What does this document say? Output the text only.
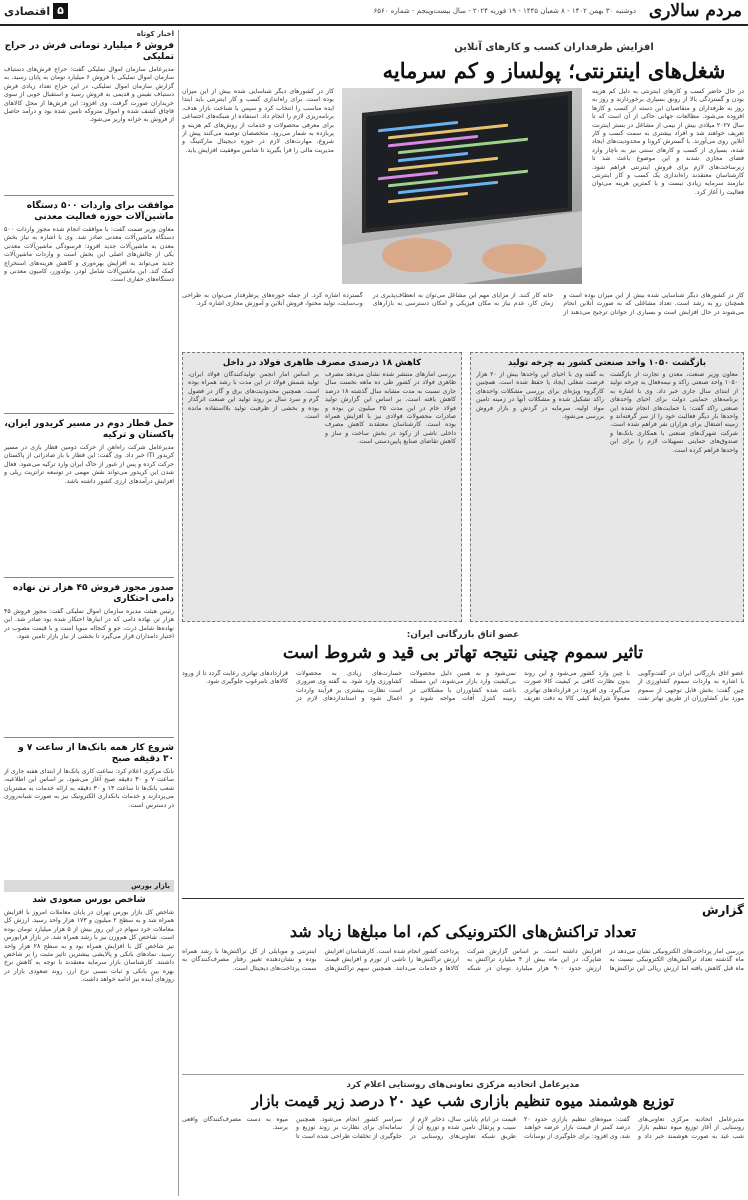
مردم سالاری
دوشنبه ۳۰ بهمن ۱۴۰۲ - ۸ شعبان ۱۴۴۵ - ۱۹ فوریه ۲۰۲۴ - سال بیست‌وپنجم - شماره ۶۵۶۰
۵
اقتصادی
اخبار کوتاه
فروش ۶ میلیارد تومانی فرش در حراج تملیکی
مدیرعامل سازمان اموال تملیکی گفت: حراج فرش‌های دستباف سازمان اموال تملیکی با فروش ۶ میلیارد تومان به پایان رسید. به گزارش سازمان اموال تملیکی، در این حراج تعداد زیادی فرش دستباف نفیس و قدیمی به فروش رسید و استقبال خوبی از سوی خریداران صورت گرفت. وی افزود: این فرش‌ها از محل کالاهای قاچاق کشف شده و اموال متروکه تامین شده بود و درآمد حاصل از فروش به خزانه واریز می‌شود.
موافقت برای واردات ۵۰۰ دستگاه ماشین‌آلات حوزه فعالیت معدنی
معاون وزیر صمت گفت: با موافقت انجام شده مجوز واردات ۵۰۰ دستگاه ماشین‌آلات معدنی صادر شد. وی با اشاره به نیاز بخش معدن به ماشین‌آلات جدید افزود: فرسودگی ماشین‌آلات معدنی یکی از چالش‌های اصلی این بخش است و واردات ماشین‌آلات جدید می‌تواند به افزایش بهره‌وری و کاهش هزینه‌های استخراج کمک کند. این ماشین‌آلات شامل لودر، بولدوزر، کامیون معدنی و دستگاه‌های حفاری است.
حمل قطار دوم در مسیر کریدور ایران، پاکستان و ترکیه
مدیرعامل شرکت راه‌آهن از حرکت دومین قطار باری در مسیر کریدور ITI خبر داد. وی گفت: این قطار با بار صادراتی از پاکستان حرکت کرده و پس از عبور از خاک ایران وارد ترکیه می‌شود. فعال شدن این کریدور می‌تواند نقش مهمی در توسعه ترانزیت ریلی و افزایش درآمدهای ارزی کشور داشته باشد.
صدور مجوز فروش ۴۵ هزار تن نهاده دامی احتکاری
رئیس هیئت مدیره سازمان اموال تملیکی گفت: مجوز فروش ۴۵ هزار تن نهاده دامی که در انبارها احتکار شده بود صادر شد. این نهاده‌ها شامل ذرت، جو و کنجاله سویا است و با قیمت مصوب در اختیار دامداران قرار می‌گیرد تا بخشی از نیاز بازار تامین شود.
شروع کار همه بانک‌ها از ساعت ۷ و ۳۰ دقیقه صبح
بانک مرکزی اعلام کرد: ساعت کاری بانک‌ها از ابتدای هفته جاری از ساعت ۷ و ۳۰ دقیقه صبح آغاز می‌شود. بر اساس این اطلاعیه، شعب بانک‌ها تا ساعت ۱۳ و ۳۰ دقیقه به ارائه خدمات به مشتریان می‌پردازند و خدمات بانکداری الکترونیک نیز به صورت شبانه‌روزی در دسترس است.
بازار بورس
شاخص بورس صعودی شد
شاخص کل بازار بورس تهران در پایان معاملات امروز با افزایش همراه شد و به سطح ۲ میلیون و ۱۷۳ هزار واحد رسید. ارزش کل معاملات خرد سهام در این روز بیش از ۵ هزار میلیارد تومان بوده است. شاخص کل هم‌وزن نیز با رشد همراه شد. در بازار فرابورس نیز شاخص کل با افزایش همراه بود و به سطح ۲۸ هزار واحد رسید. نمادهای بانکی و پالایشی بیشترین تاثیر مثبت را بر شاخص داشتند. کارشناسان بازار سرمایه معتقدند با توجه به کاهش نرخ بهره بین بانکی و ثبات نسبی نرخ ارز، روند صعودی بازار در روزهای آینده نیز ادامه خواهد داشت.
افزایش طرفداران کسب و کارهای آنلاین
شغل‌های اینترنتی؛ پولساز و کم سرمایه
در حال حاضر کسب و کارهای اینترنتی به دلیل کم هزینه بودن و گستردگی بالا از رونق بسیاری برخوردارند و روز به روز به طرفداران و متقاضیان این دسته از کسب و کارها افزوده می‌شود. مطالعات جهانی حاکی از آن است که تا سال ۲۰۲۷ میلادی بیش از نیمی از مشاغل در بستر اینترنت تعریف خواهند شد و افراد بیشتری به سمت کسب و کار آنلاین روی می‌آورند. با گسترش کرونا و محدودیت‌های ایجاد شده، بسیاری از کسب و کارهای سنتی نیز به ناچار وارد فضای مجازی شدند و این موضوع باعث شد تا زیرساخت‌های لازم برای فروش اینترنتی فراهم شود. کارشناسان معتقدند راه‌اندازی یک کسب و کار اینترنتی نیازمند سرمایه زیادی نیست و با کمترین هزینه می‌توان فعالیت را آغاز کرد.
کار در کشورهای دیگر شناسایی شده بیش از این میزان بوده است. برای راه‌اندازی کسب و کار اینترنتی باید ابتدا ایده مناسب را انتخاب کرد و سپس با شناخت بازار هدف، برنامه‌ریزی لازم را انجام داد. استفاده از شبکه‌های اجتماعی برای معرفی محصولات و خدمات از روش‌های کم هزینه و پربازده به شمار می‌رود. متخصصان توصیه می‌کنند پیش از شروع، مهارت‌های لازم در حوزه دیجیتال مارکتینگ و مدیریت مالی را فرا بگیرید تا شانس موفقیت افزایش یابد.
کار در کشورهای دیگر شناسایی شده بیش از این میزان بوده است و همچنان رو به رشد است. تعداد مشاغلی که به صورت آنلاین انجام می‌شوند در حال افزایش است و بسیاری از جوانان ترجیح می‌دهند از خانه کار کنند. از مزایای مهم این مشاغل می‌توان به انعطاف‌پذیری در زمان کار، عدم نیاز به مکان فیزیکی و امکان دسترسی به بازارهای گسترده اشاره کرد. از جمله حوزه‌های پرطرفدار می‌توان به طراحی وب‌سایت، تولید محتوا، فروش آنلاین و آموزش مجازی اشاره کرد.
بازگشت ۱۰۵۰ واحد صنعتی کشور به چرخه تولید
معاون وزیر صنعت، معدن و تجارت از بازگشت ۱۰۵۰ واحد صنعتی راکد و نیمه‌فعال به چرخه تولید از ابتدای سال جاری خبر داد. وی با اشاره به برنامه‌های حمایتی دولت برای احیای واحدهای صنعتی راکد گفت: با حمایت‌های انجام شده این واحدها بار دیگر فعالیت خود را از سر گرفته‌اند و زمینه اشتغال برای هزاران نفر فراهم شده است. شرکت شهرک‌های صنعتی با همکاری بانک‌ها و صندوق‌های حمایتی تسهیلات لازم را برای این واحدها فراهم کرده است.
به گفته وی با احیای این واحدها بیش از ۲۰ هزار فرصت شغلی ایجاد یا حفظ شده است. همچنین کارگروه ویژه‌ای برای بررسی مشکلات واحدهای راکد تشکیل شده و مشکلات آنها در زمینه تامین مواد اولیه، سرمایه در گردش و بازار فروش بررسی می‌شود.
کاهش ۱۸ درصدی مصرف ظاهری فولاد در داخل
بررسی آمارهای منتشر شده نشان می‌دهد مصرف ظاهری فولاد در کشور طی ده ماهه نخست سال جاری نسبت به مدت مشابه سال گذشته ۱۸ درصد کاهش یافته است. بر اساس این گزارش تولید فولاد خام در این مدت ۲۵ میلیون تن بوده و صادرات محصولات فولادی نیز با افزایش همراه بوده است. کارشناسان معتقدند کاهش مصرف داخلی ناشی از رکود در بخش ساخت و ساز و کاهش تقاضای صنایع پایین‌دستی است.
بر اساس آمار انجمن تولیدکنندگان فولاد ایران، تولید شمش فولاد در این مدت با رشد همراه بوده است. همچنین محدودیت‌های برق و گاز در فصول گرم و سرد سال بر روند تولید این صنعت اثرگذار بوده و بخشی از ظرفیت تولید بلااستفاده مانده است.
عضو اتاق بازرگانی ایران:
تاثیر سموم چینی نتیجه تهاتر بی قید و شروط است
عضو اتاق بازرگانی ایران در گفت‌وگویی با اشاره به واردات سموم کشاورزی از چین گفت: بخش قابل توجهی از سموم مورد نیاز کشاورزان از طریق تهاتر نفت با چین وارد کشور می‌شود و این روند بدون نظارت کافی بر کیفیت کالا صورت می‌گیرد. وی افزود: در قراردادهای تهاتری معمولاً شرایط کیفی کالا به دقت تعریف نمی‌شود و به همین دلیل محصولات بی‌کیفیت وارد بازار می‌شوند. این مسئله باعث شده کشاورزان با مشکلاتی در زمینه کنترل آفات مواجه شوند و خسارت‌های زیادی به محصولات کشاورزی وارد شود. به گفته وی ضروری است نظارت بیشتری بر فرآیند واردات اعمال شود و استانداردهای لازم در قراردادهای تهاتری رعایت گردد تا از ورود کالاهای نامرغوب جلوگیری شود.
گزارش
تعداد تراکنش‌های الکترونیکی کم، اما مبلغ‌ها زیاد شد
بررسی آمار پرداخت‌های الکترونیکی نشان می‌دهد در ماه گذشته تعداد تراکنش‌های الکترونیکی نسبت به ماه قبل کاهش یافته اما ارزش ریالی این تراکنش‌ها افزایش داشته است. بر اساس گزارش شرکت شاپرک، در این ماه بیش از ۴ میلیارد تراکنش به ارزش حدود ۹۰۰ هزار میلیارد تومان در شبکه پرداخت کشور انجام شده است. کارشناسان افزایش ارزش تراکنش‌ها را ناشی از تورم و افزایش قیمت کالاها و خدمات می‌دانند. همچنین سهم تراکنش‌های اینترنتی و موبایلی از کل تراکنش‌ها با رشد همراه بوده و نشان‌دهنده تغییر رفتار مصرف‌کنندگان به سمت پرداخت‌های دیجیتال است.
مدیرعامل اتحادیه مرکزی تعاونی‌های روستایی اعلام کرد
توزیع هوشمند میوه تنظیم بازاری شب عید ۲۰ درصد زیر قیمت بازار
مدیرعامل اتحادیه مرکزی تعاونی‌های روستایی از آغاز توزیع میوه تنظیم بازار شب عید به صورت هوشمند خبر داد و گفت: میوه‌های تنظیم بازاری حدود ۲۰ درصد کمتر از قیمت بازار عرضه خواهند شد. وی افزود: برای جلوگیری از نوسانات قیمت در ایام پایانی سال، ذخایر لازم از سیب و پرتقال تامین شده و توزیع آن از طریق شبکه تعاونی‌های روستایی در سراسر کشور انجام می‌شود. همچنین سامانه‌ای برای نظارت بر روند توزیع و جلوگیری از تخلفات طراحی شده است تا میوه به دست مصرف‌کنندگان واقعی برسد.
